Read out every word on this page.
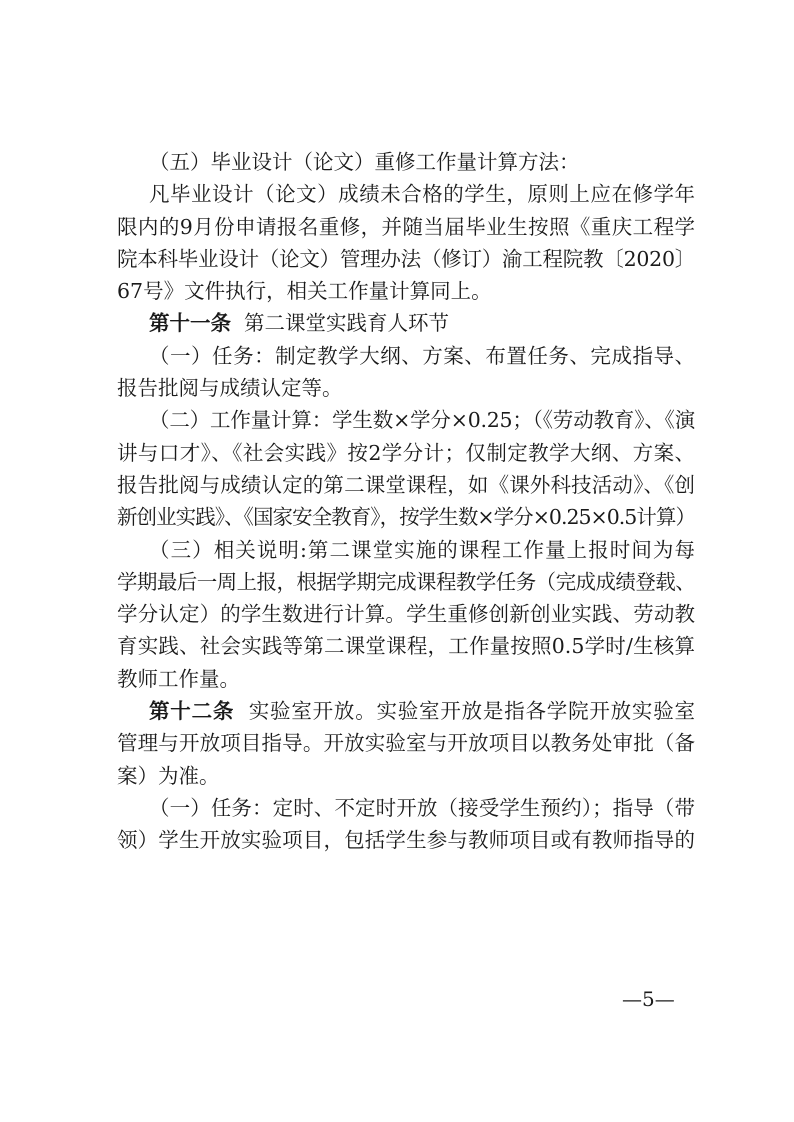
（五）毕业设计（论文）重修工作量计算方法：
凡毕业设计（论文）成绩未合格的学生，原则上应在修学年
限内的9月份申请报名重修，并随当届毕业生按照《重庆工程学
院本科毕业设计（论文）管理办法（修订）渝工程院教〔2020〕
67号》文件执行，相关工作量计算同上。
第十一条 第二课堂实践育人环节
（一）任务：制定教学大纲、方案、布置任务、完成指导、
报告批阅与成绩认定等。
（二）工作量计算：学生数×学分×0.25；（《劳动教育》、《演
讲与口才》、《社会实践》按2学分计；仅制定教学大纲、方案、
报告批阅与成绩认定的第二课堂课程，如《课外科技活动》、《创
新创业实践》、《国家安全教育》，按学生数×学分×0.25×0.5计算）
（三）相关说明:第二课堂实施的课程工作量上报时间为每
学期最后一周上报，根据学期完成课程教学任务（完成成绩登载、
学分认定）的学生数进行计算。学生重修创新创业实践、劳动教
育实践、社会实践等第二课堂课程，工作量按照0.5学时/生核算
教师工作量。
第十二条 实验室开放。实验室开放是指各学院开放实验室
管理与开放项目指导。开放实验室与开放项目以教务处审批（备
案）为准。
（一）任务：定时、不定时开放（接受学生预约）；指导（带
领）学生开放实验项目，包括学生参与教师项目或有教师指导的
—5—
